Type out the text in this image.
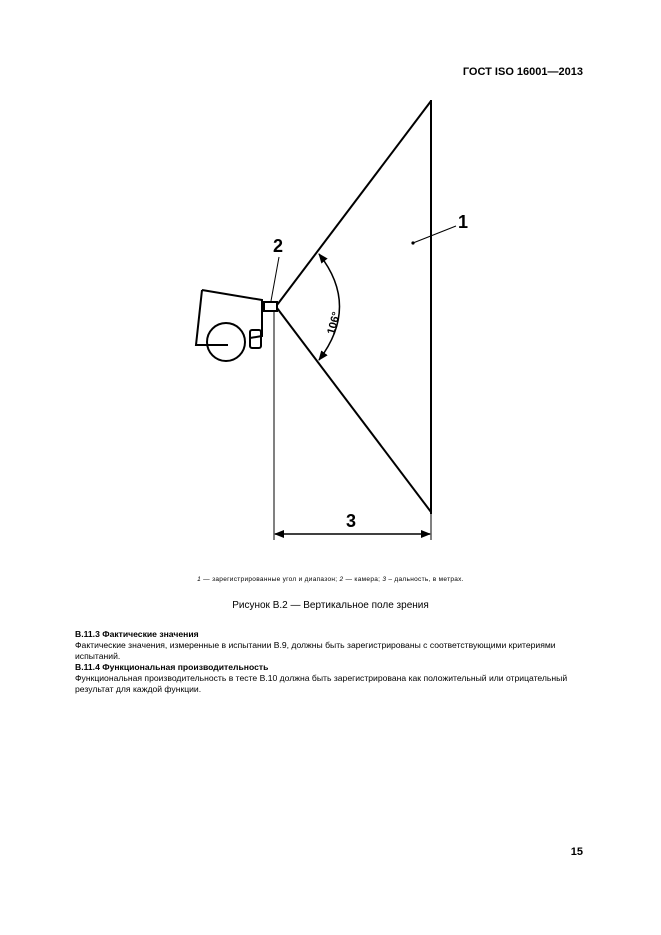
ГОСТ ISO 16001—2013
106°
1
2
3
1 — зарегистрированные угол и диапазон; 2 — камера; 3 – дальность, в метрах.
Рисунок В.2 — Вертикальное поле зрения

В.11.3 Фактические значения

Фактические значения, измеренные в испытании В.9, должны быть зарегистрированы с соответствующими критериями испытаний.

В.11.4 Функциональная производительность

Функциональная производительность в тесте В.10 должна быть зарегистрирована как положительный или отрицательный результат для каждой функции.

15
